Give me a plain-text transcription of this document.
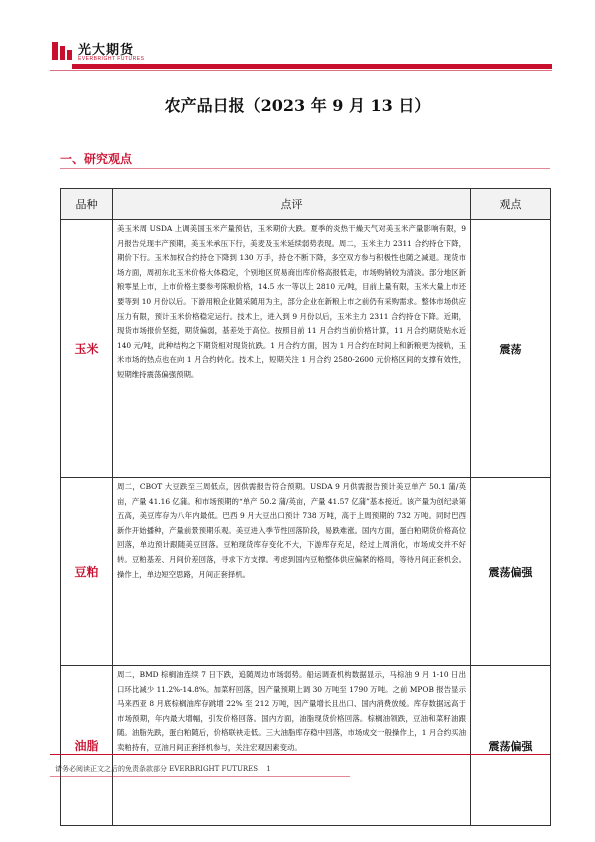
光大期货
EVERBRIGHT FUTURES
农产品日报（2023 年 9 月 13 日）
一、研究观点
品种	点评	观点
玉米	美玉米周 USDA 上调美国玉米产量预估，玉米期价大跌。夏季的炎热干燥天气对美玉米产量影响有限，9 月报告兑现丰产预期，美玉米承压下行，美麦及玉米延续弱势表现。周二，玉米主力 2311 合约持仓下降，期价下行。玉米加权合约持仓下降到 130 万手，持仓不断下降，多空双方参与积极性也随之减退。现货市场方面，周初东北玉米价格大体稳定，个别地区贸易商出库价格高报低走，市场购销较为清淡。部分地区新粮零星上市，上市价格主要参考陈粮价格，14.5 水一等以上 2810 元/吨，目前上量有限，玉米大量上市还要等到 10 月份以后。下游用粮企业随采随用为主，部分企业在新粮上市之前仍有采购需求。整体市场供应压力有限，预计玉米价格稳定运行。技术上，进入到 9 月份以后，玉米主力 2311 合约持仓下降。近期，现货市场报价坚挺，期货偏弱，基差处于高位。按照目前 11 月合约当前价格计算，11 月合约期货贴水近 140 元/吨，此种结构之下期货相对现货抗跌。1 月合约方面，因为 1 月合约在时间上和新粮更为接轨，玉米市场的热点也在向 1 月合约转化。技术上，短期关注 1 月合约 2580-2600 元价格区间的支撑有效性，短期维持震荡偏强预期。	震荡
豆粕	周二，CBOT 大豆跌至三周低点，因供需报告符合预期。USDA 9 月供需报告预计美豆单产 50.1 蒲/英亩，产量 41.16 亿蒲。和市场预期的“单产 50.2 蒲/英亩，产量 41.57 亿蒲”基本接近。该产量为创纪录第五高，美豆库存为八年内最低。巴西 9 月大豆出口预计 738 万吨，高于上周预期的 732 万吨。同时巴西新作开始播种，产量前景预期乐观。美豆进入季节性回落阶段，易跌难涨。国内方面，蛋白粕期货价格高位回落，单边预计跟随美豆回落。豆粕现货库存变化不大，下游库存充足，经过上周消化，市场成交并不好转。豆粕基差、月间价差回落，寻求下方支撑。考虑到国内豆粕整体供应偏紧的格局，等待月间正套机会。操作上，单边短空思路，月间正套择机。	震荡偏强
油脂	周二，BMD 棕榈油连续 7 日下跌，追随周边市场弱势。船运调查机构数据显示，马棕油 9 月 1-10 日出口环比减少 11.2%-14.8%。加菜籽回落，因产量预期上调 30 万吨至 1790 万吨。之前 MPOB 报告显示马来西亚 8 月底棕榈油库存跳增 22% 至 212 万吨，因产量增长且出口、国内消费放缓。库存数据远高于市场预期，年内最大增幅，引发价格回落。国内方面，油脂现货价格回落。棕榈油领跌，豆油和菜籽油跟随。油脂先跌，蛋白粕随后，价格联袂走低。三大油脂库存稳中回落，市场成交一般操作上，1 月合约买油卖粕持有，豆油月间正套择机参与，关注宏观因素变动。	震荡偏强
请务必阅读正文之后的免责条款部分 EVERBRIGHT FUTURES 1
